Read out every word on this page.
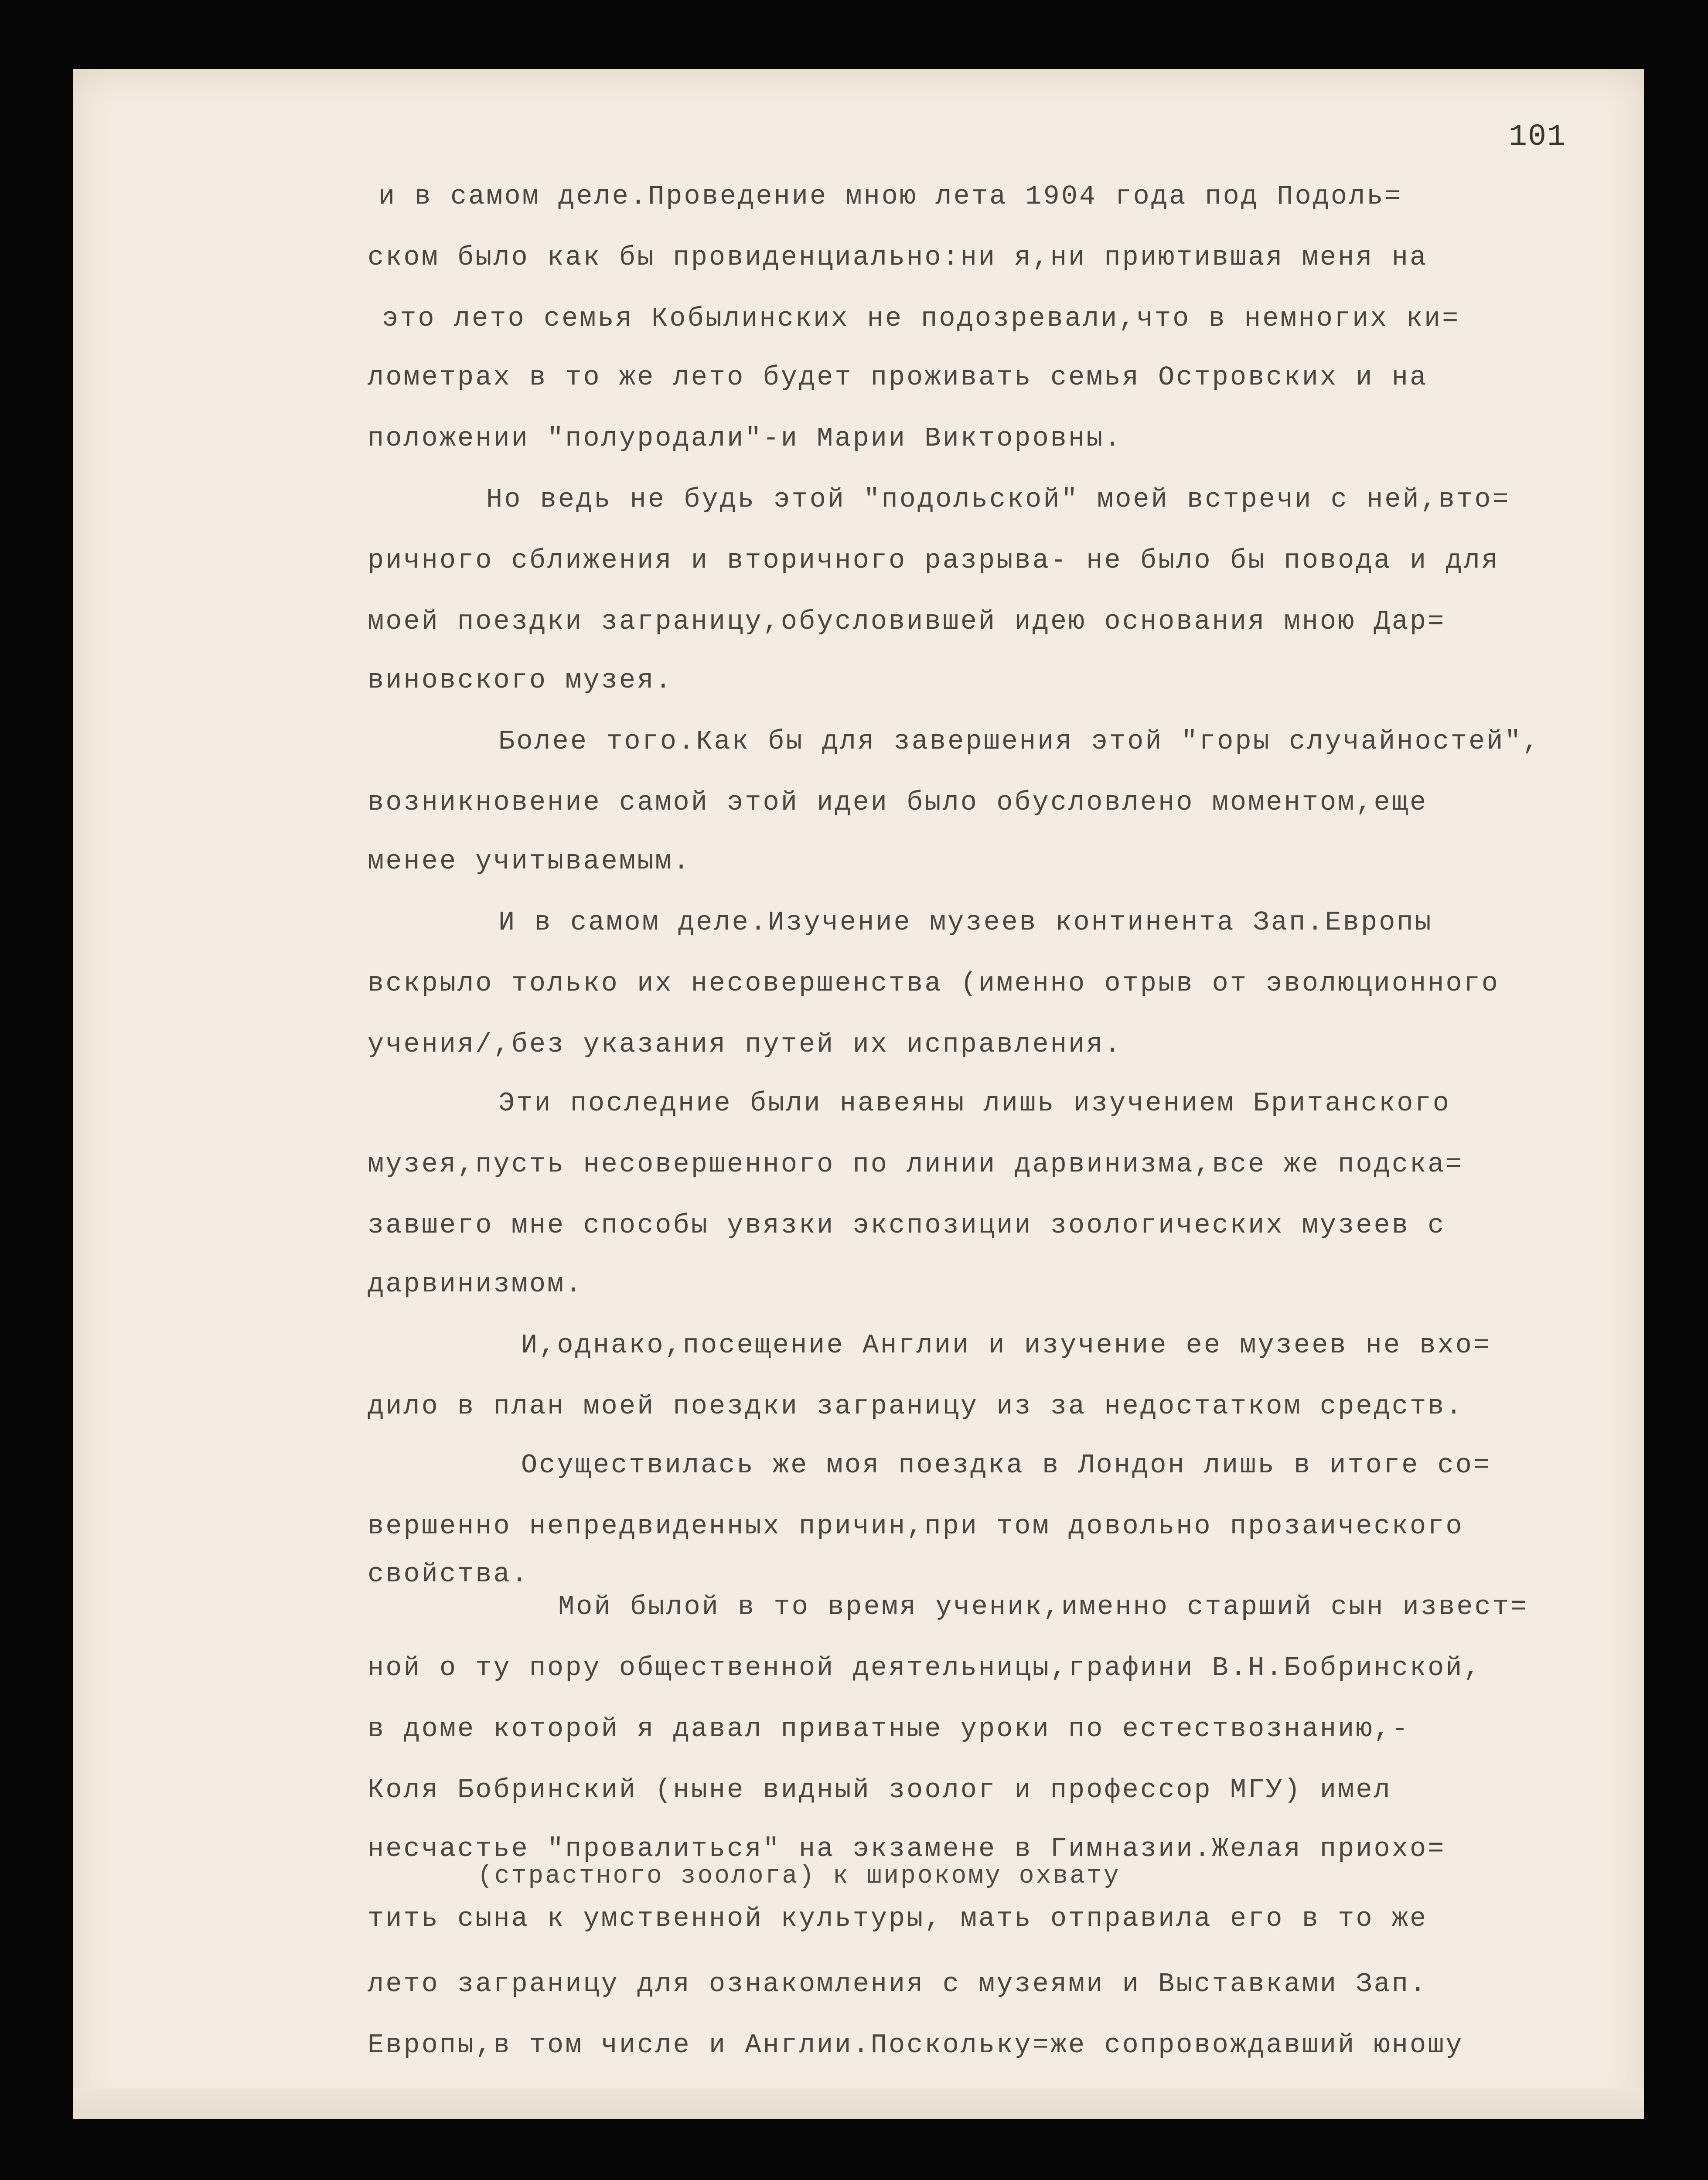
101
и в самом деле.Проведение мною лета 1904 года под Подоль=
ском было как бы провиденциально:ни я,ни приютившая меня на
это лето семья Кобылинских не подозревали,что в немногих ки=
лометрах в то же лето будет проживать семья Островских и на
положении "полуродали"-и Марии Викторовны.
Но ведь не будь этой "подольской" моей встречи с ней,вто=
ричного сближения и вторичного разрыва- не было бы повода и для
моей поездки заграницу,обусловившей идею основания мною Дар=
виновского музея.
Более того.Как бы для завершения этой "горы случайностей",
возникновение самой этой идеи было обусловлено моментом,еще
менее учитываемым.
И в самом деле.Изучение музеев континента Зап.Европы
вскрыло только их несовершенства (именно отрыв от эволюционного
учения/,без указания путей их исправления.
Эти последние были навеяны лишь изучением Британского
музея,пусть несовершенного по линии дарвинизма,все же подска=
завшего мне способы увязки экспозиции зоологических музеев с
дарвинизмом.
И,однако,посещение Англии и изучение ее музеев не вхо=
дило в план моей поездки заграницу из за недостатком средств.
Осуществилась же моя поездка в Лондон лишь в итоге со=
вершенно непредвиденных причин,при том довольно прозаического
свойства.
Мой былой в то время ученик,именно старший сын извест=
ной о ту пору общественной деятельницы,графини В.Н.Бобринской,
в доме которой я давал приватные уроки по естествознанию,-
Коля Бобринский (ныне видный зоолог и профессор МГУ) имел
несчастье "провалиться" на экзамене в Гимназии.Желая приохо=
(страстного зоолога) к широкому охвату
тить сына к умственной культуры, мать отправила его в то же
лето заграницу для ознакомления с музеями и Выставками Зап.
Европы,в том числе и Англии.Поскольку=же сопровождавший юношу
